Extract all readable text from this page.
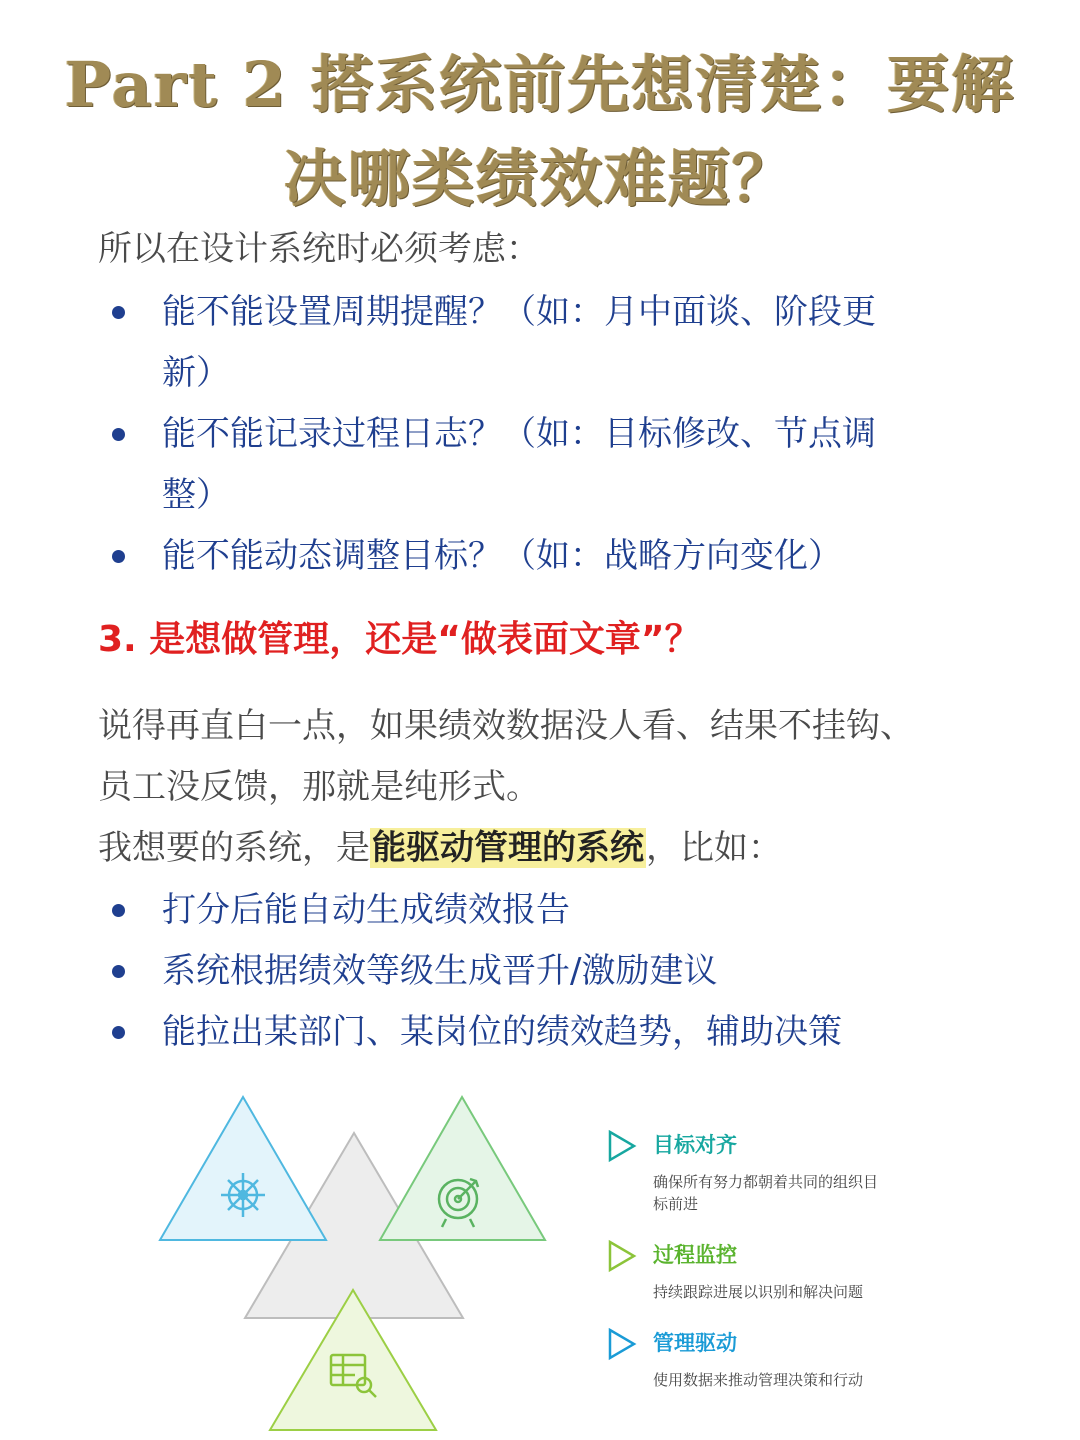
Part 2 搭系统前先想清楚：要解
决哪类绩效难题？
所以在设计系统时必须考虑：
能不能设置周期提醒？（如：月中面谈、阶段更
新）
能不能记录过程日志？（如：目标修改、节点调
整）
能不能动态调整目标？（如：战略方向变化）
3. 是想做管理，还是“做表面文章”？
说得再直白一点，如果绩效数据没人看、结果不挂钩、
员工没反馈，那就是纯形式。
我想要的系统，是能驱动管理的系统，比如：
打分后能自动生成绩效报告
系统根据绩效等级生成晋升/激励建议
能拉出某部门、某岗位的绩效趋势，辅助决策
目标对齐
确保所有努力都朝着共同的组织目
标前进
过程监控
持续跟踪进展以识别和解决问题
管理驱动
使用数据来推动管理决策和行动
